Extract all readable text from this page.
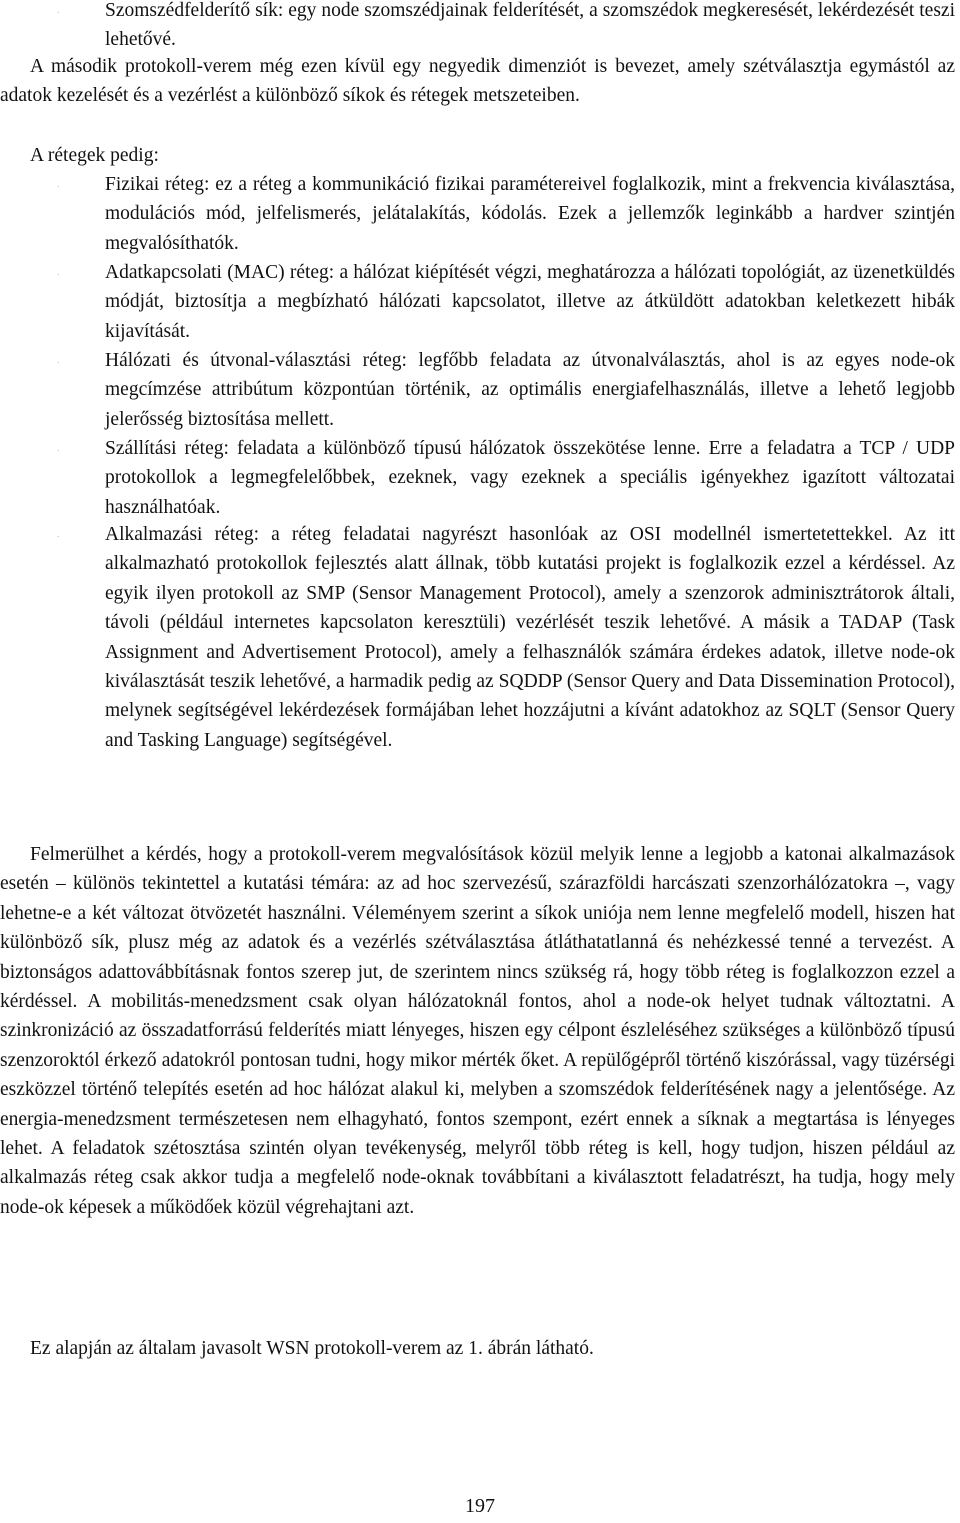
.	Szomszédfelderítő sík: egy node szomszédjainak felderítését, a szomszédok megkeresését, lekérdezését teszi lehetővé.

A második protokoll-verem még ezen kívül egy negyedik dimenziót is bevezet, amely szétválasztja egymástól az adatok kezelését és a vezérlést a különböző síkok és rétegek metszeteiben.

A rétegek pedig:

.	Fizikai réteg: ez a réteg a kommunikáció fizikai paramétereivel foglalkozik, mint a frekvencia kiválasztása, modulációs mód, jelfelismerés, jelátalakítás, kódolás. Ezek a jellemzők leginkább a hardver szintjén megvalósíthatók.

.	Adatkapcsolati (MAC) réteg: a hálózat kiépítését végzi, meghatározza a hálózati topológiát, az üzenetküldés módját, biztosítja a megbízható hálózati kapcsolatot, illetve az átküldött adatokban keletkezett hibák kijavítását.

.	Hálózati és útvonal-választási réteg: legfőbb feladata az útvonalválasztás, ahol is az egyes node-ok megcímzése attribútum központúan történik, az optimális energiafelhasználás, illetve a lehető legjobb jelerősség biztosítása mellett.

.	Szállítási réteg: feladata a különböző típusú hálózatok összekötése lenne. Erre a feladatra a TCP / UDP protokollok a legmegfelelőbbek, ezeknek, vagy ezeknek a speciális igényekhez igazított változatai használhatóak.

.	Alkalmazási réteg: a réteg feladatai nagyrészt hasonlóak az OSI modellnél ismertetettekkel. Az itt alkalmazható protokollok fejlesztés alatt állnak, több kutatási projekt is foglalkozik ezzel a kérdéssel. Az egyik ilyen protokoll az SMP (Sensor Management Protocol), amely a szenzorok adminisztrátorok általi, távoli (például internetes kapcsolaton keresztüli) vezérlését teszik lehetővé. A másik a TADAP (Task Assignment and Advertisement Protocol), amely a felhasználók számára érdekes adatok, illetve node-ok kiválasztását teszik lehetővé, a harmadik pedig az SQDDP (Sensor Query and Data Dissemination Protocol), melynek segítségével lekérdezések formájában lehet hozzájutni a kívánt adatokhoz az SQLT (Sensor Query and Tasking Language) segítségével.

Felmerülhet a kérdés, hogy a protokoll-verem megvalósítások közül melyik lenne a legjobb a katonai alkalmazások esetén – különös tekintettel a kutatási témára: az ad hoc szervezésű, szárazföldi harcászati szenzorhálózatokra –, vagy lehetne-e a két változat ötvözetét használni. Véleményem szerint a síkok uniója nem lenne megfelelő modell, hiszen hat különböző sík, plusz még az adatok és a vezérlés szétválasztása átláthatatlanná és nehézkessé tenné a tervezést. A biztonságos adattovábbításnak fontos szerep jut, de szerintem nincs szükség rá, hogy több réteg is foglalkozzon ezzel a kérdéssel. A mobilitás-menedzsment csak olyan hálózatoknál fontos, ahol a node-ok helyet tudnak változtatni. A szinkronizáció az összadatforrású felderítés miatt lényeges, hiszen egy célpont észleléséhez szükséges a különböző típusú szenzoroktól érkező adatokról pontosan tudni, hogy mikor mérték őket. A repülőgépről történő kiszórással, vagy tüzérségi eszközzel történő telepítés esetén ad hoc hálózat alakul ki, melyben a szomszédok felderítésének nagy a jelentősége. Az energia-menedzsment természetesen nem elhagyható, fontos szempont, ezért ennek a síknak a megtartása is lényeges lehet. A feladatok szétosztása szintén olyan tevékenység, melyről több réteg is kell, hogy tudjon, hiszen például az alkalmazás réteg csak akkor tudja a megfelelő node-oknak továbbítani a kiválasztott feladatrészt, ha tudja, hogy mely node-ok képesek a működőek közül végrehajtani azt.

Ez alapján az általam javasolt WSN protokoll-verem az 1. ábrán látható.

197
